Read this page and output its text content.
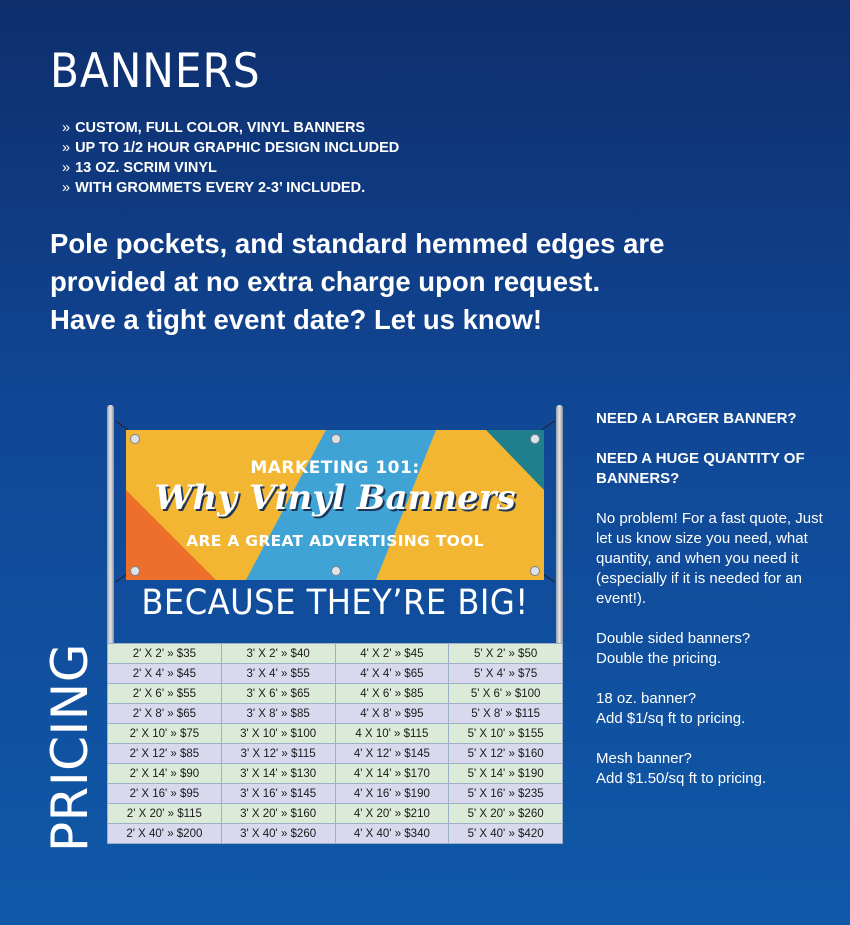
BANNERS
» CUSTOM, FULL COLOR, VINYL BANNERS
» UP TO 1/2 HOUR GRAPHIC DESIGN INCLUDED
» 13 OZ. SCRIM VINYL
» WITH GROMMETS EVERY 2-3’ INCLUDED.

Pole pockets, and standard hemmed edges are
provided at no extra charge upon request.
Have a tight event date? Let us know!

PRICING
MARKETING 101:
Why Vinyl Banners
ARE A GREAT ADVERTISING TOOL
BECAUSE THEY’RE BIG!
2' X 2' » $35	3' X 2' » $40	4' X 2' » $45	5' X 2' » $50
2' X 4' » $45	3' X 4' » $55	4' X 4' » $65	5' X 4' » $75
2' X 6' » $55	3' X 6' » $65	4' X 6' » $85	5' X 6' » $100
2' X 8' » $65	3' X 8' » $85	4' X 8' » $95	5' X 8' » $115
2' X 10' » $75	3' X 10' » $100	4 X 10' » $115	5' X 10' » $155
2' X 12' » $85	3' X 12' » $115	4' X 12' » $145	5' X 12' » $160
2' X 14' » $90	3' X 14' » $130	4' X 14' » $170	5' X 14' » $190
2' X 16' » $95	3' X 16' » $145	4' X 16' » $190	5' X 16' » $235
2' X 20' » $115	3' X 20' » $160	4' X 20' » $210	5' X 20' » $260
2' X 40' » $200	3' X 40' » $260	4' X 40' » $340	5' X 40' » $420

NEED A LARGER BANNER?

NEED A HUGE QUANTITY OF BANNERS?

No problem! For a fast quote, Just let us know size you need, what quantity, and when you need it (especially if it is needed for an event!).

Double sided banners?
Double the pricing.

18 oz. banner?
Add $1/sq ft to pricing.

Mesh banner?
Add $1.50/sq ft to pricing.
